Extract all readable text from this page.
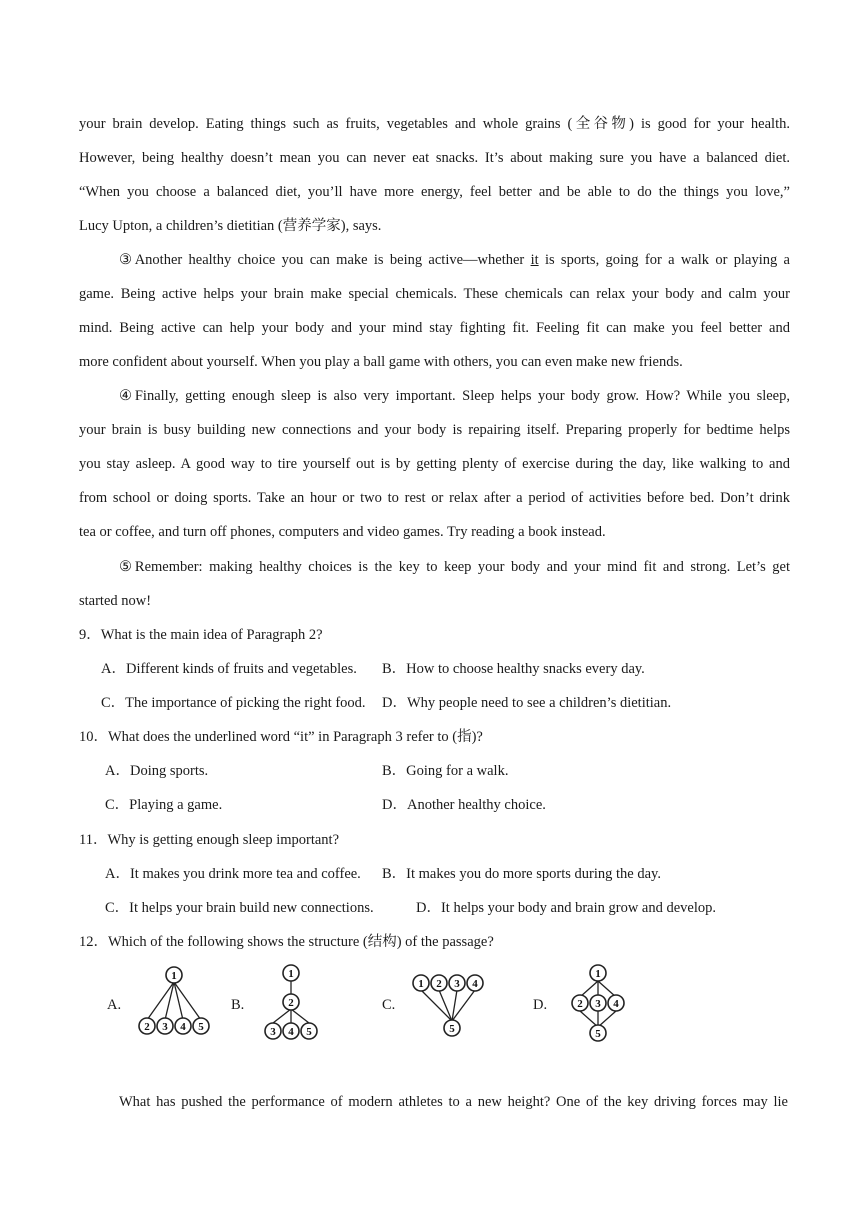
your brain develop. Eating things such as fruits, vegetables and whole grains (全谷物) is good for your health.
However, being healthy doesn’t mean you can never eat snacks. It’s about making sure you have a balanced diet.
“When you choose a balanced diet, you’ll have more energy, feel better and be able to do the things you love,”
Lucy Upton, a children’s dietitian (营养学家), says.
③Another healthy choice you can make is being active—whether it is sports, going for a walk or playing a
game. Being active helps your brain make special chemicals. These chemicals can relax your body and calm your
mind. Being active can help your body and your mind stay fighting fit. Feeling fit can make you feel better and
more confident about yourself. When you play a ball game with others, you can even make new friends.
④Finally, getting enough sleep is also very important. Sleep helps your body grow. How? While you sleep,
your brain is busy building new connections and your body is repairing itself. Preparing properly for bedtime helps
you stay asleep. A good way to tire yourself out is by getting plenty of exercise during the day, like walking to and
from school or doing sports. Take an hour or two to rest or relax after a period of activities before bed. Don’t drink
tea or coffee, and turn off phones, computers and video games. Try reading a book instead.
⑤Remember: making healthy choices is the key to keep your body and your mind fit and strong. Let’s get
started now!
9．What is the main idea of Paragraph 2?
A．Different kinds of fruits and vegetables. B．How to choose healthy snacks every day.
C．The importance of picking the right food. D．Why people need to see a children’s dietitian.
10．What does the underlined word “it” in Paragraph 3 refer to (指)?
A．Doing sports.	B．Going for a walk.
C．Playing a game.	D．Another healthy choice.
11．Why is getting enough sleep important?
A．It makes you drink more tea and coffee. B．It makes you do more sports during the day.
C．It helps your brain build new connections.	D．It helps your body and brain grow and develop.
12．Which of the following shows the structure (结构) of the passage?
A.	B.	C.	D.
1
2 3 4 5
1
2
3 4 5
1 2 3 4
5
1
2 3 4
5
What has pushed the performance of modern athletes to a new height? One of the key driving forces may lie
